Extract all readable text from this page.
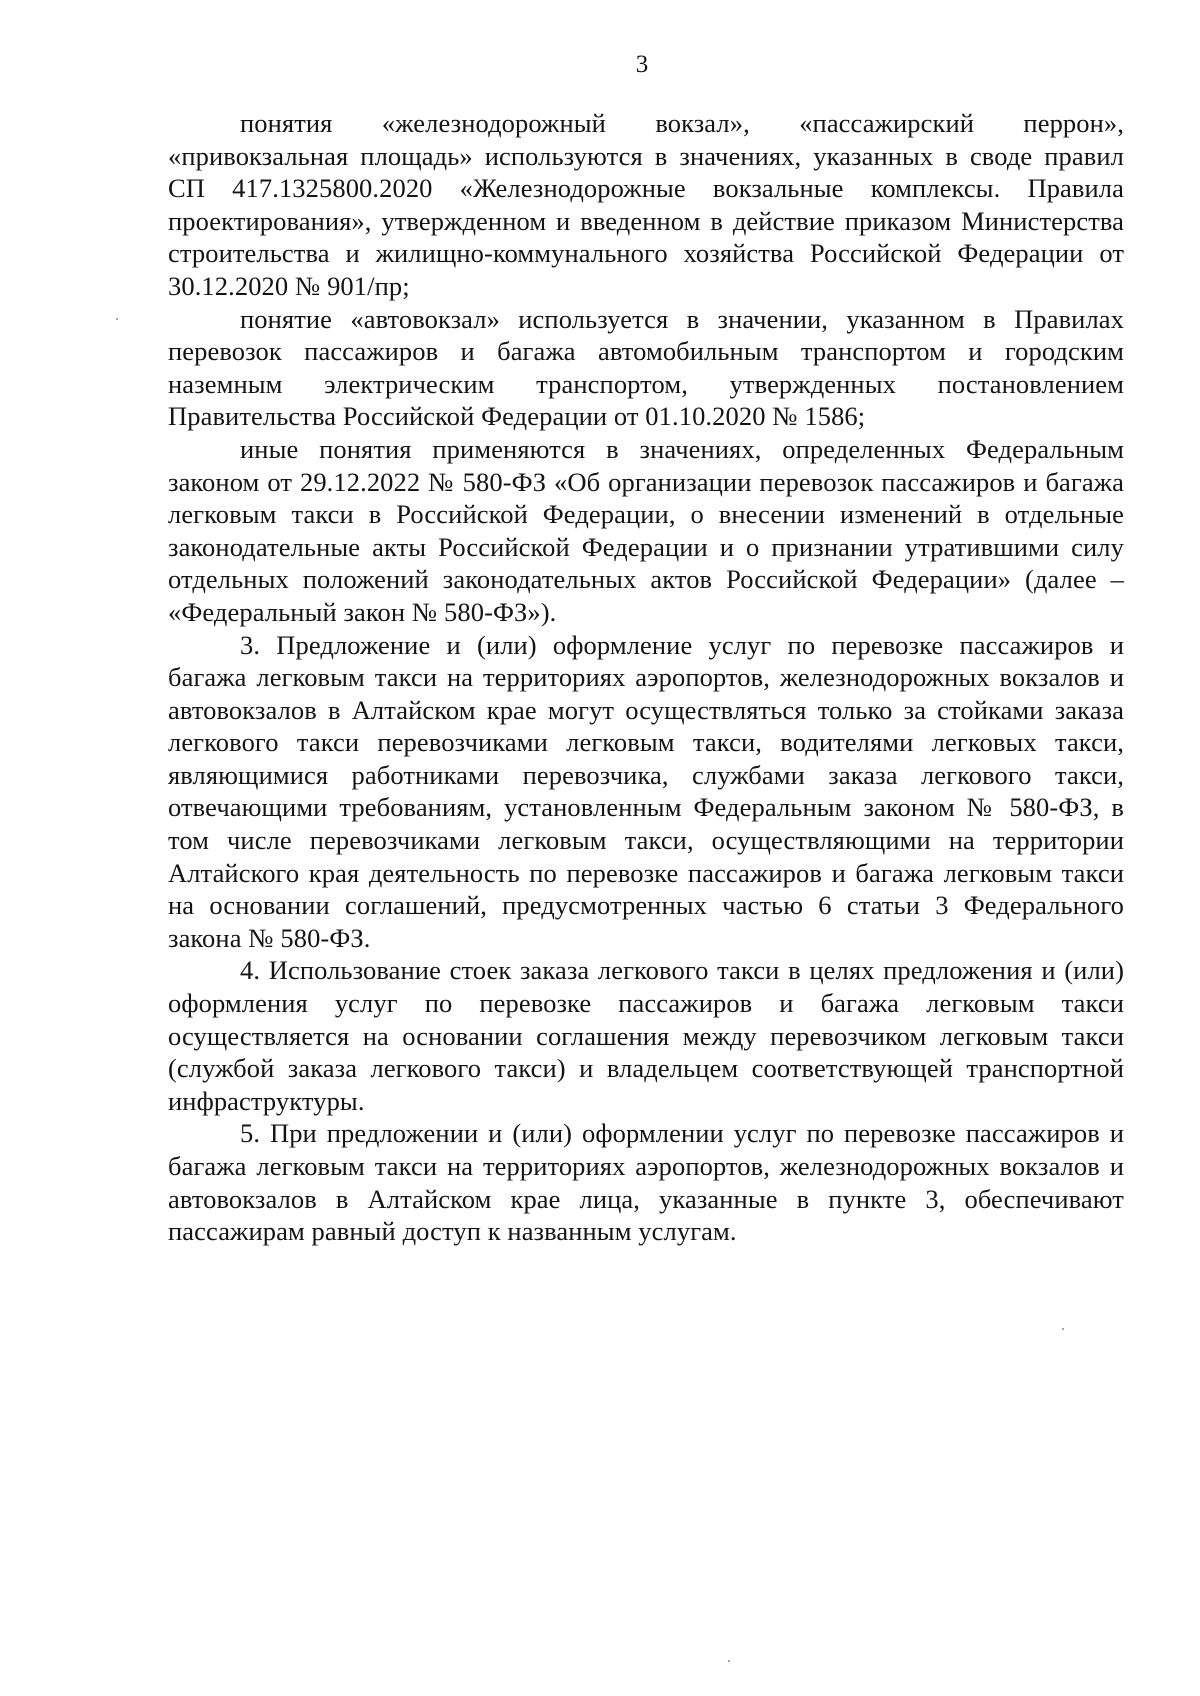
3

понятия «железнодорожный вокзал», «пассажирский перрон», «привокзальная площадь» используются в значениях, указанных в своде правил СП 417.1325800.2020 «Железнодорожные вокзальные комплексы. Правила проектирования», утвержденном и введенном в действие приказом Министерства строительства и жилищно-коммунального хозяйства Российской Федерации от 30.12.2020 № 901/пр;

понятие «автовокзал» используется в значении, указанном в Правилах перевозок пассажиров и багажа автомобильным транспортом и городским наземным электрическим транспортом, утвержденных постановлением Правительства Российской Федерации от 01.10.2020 № 1586;

иные понятия применяются в значениях, определенных Федеральным законом от 29.12.2022 № 580-ФЗ «Об организации перевозок пассажиров и багажа легковым такси в Российской Федерации, о внесении изменений в отдельные законодательные акты Российской Федерации и о признании утратившими силу отдельных положений законодательных актов Российской Федерации» (далее – «Федеральный закон № 580-ФЗ»).

3. Предложение и (или) оформление услуг по перевозке пассажиров и багажа легковым такси на территориях аэропортов, железнодорожных вокзалов и автовокзалов в Алтайском крае могут осуществляться только за стойками заказа легкового такси перевозчиками легковым такси, водителями легковых такси, являющимися работниками перевозчика, службами заказа легкового такси, отвечающими требованиям, установленным Федеральным законом № 580-ФЗ, в том числе перевозчиками легковым такси, осуществляющими на территории Алтайского края деятельность по перевозке пассажиров и багажа легковым такси на основании соглашений, предусмотренных частью 6 статьи 3 Федерального закона № 580-ФЗ.

4. Использование стоек заказа легкового такси в целях предложения и (или) оформления услуг по перевозке пассажиров и багажа легковым такси осуществляется на основании соглашения между перевозчиком легковым такси (службой заказа легкового такси) и владельцем соответствующей транспортной инфраструктуры.

5. При предложении и (или) оформлении услуг по перевозке пассажиров и багажа легковым такси на территориях аэропортов, железнодорожных вокзалов и автовокзалов в Алтайском крае лица, указанные в пункте 3, обеспечивают пассажирам равный доступ к названным услугам.
